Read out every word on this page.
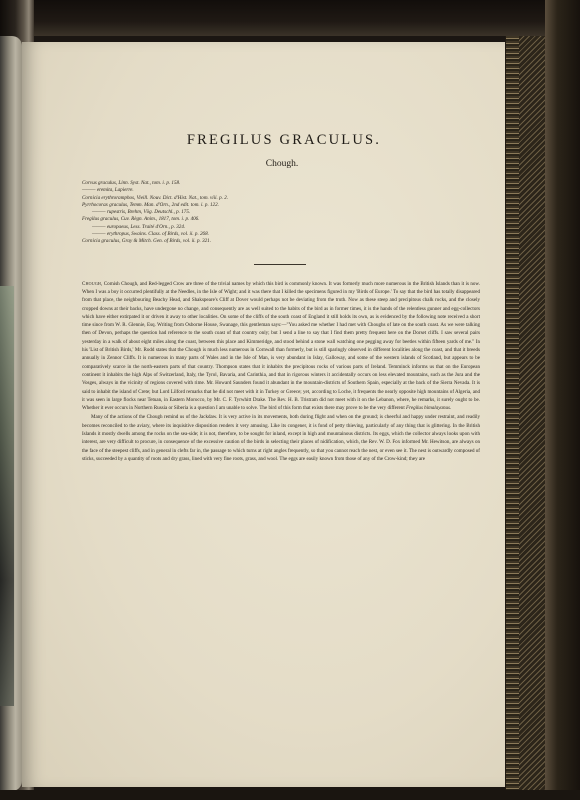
FREGILUS GRACULUS.
Chough.
Corvus graculus, Linn. Syst. Nat., tom. i. p. 158.
——— eremita, Lapierre.
Cornicia erythroramphos, Vieill. Nouv. Dict. d'Hist. Nat., tom. viii. p. 2.
Pyrrhocorax graculus, Temm. Man. d'Orn., 2nd edit. tom. i. p. 122.
——— rupestris, Brehm, Vög. Deutschl., p. 175.
Fregilus graculus, Cuv. Règn. Anim., 1817, tom. i. p. 406.
——— europaeus, Less. Traité d'Orn., p. 324.
——— erythropus, Swains. Class. of Birds, vol. ii. p. 268.
Cornicia graculus, Gray & Mitch. Gen. of Birds, vol. ii. p. 321.

Chough, Cornish Chough, and Red-legged Crow are three of the trivial names by which this bird is commonly known. It was formerly much more numerous in the British Islands than it is now. When I was a boy it occurred plentifully at the Needles, in the Isle of Wight; and it was there that I killed the specimens figured in my 'Birds of Europe.' To say that the bird has totally disappeared from that place, the neighbouring Beachy Head, and Shakspeare's Cliff at Dover would perhaps not be deviating from the truth. Now as these steep and precipitous chalk rocks, and the closely cropped downs at their backs, have undergone no change, and consequently are as well suited to the habits of the bird as in former times, it is the hands of the relentless gunner and egg-collectors which have either extirpated it or driven it away to other localities. On some of the cliffs of the south coast of England it still holds its own, as is evidenced by the following note received a short time since from W. R. Glennie, Esq. Writing from Osborne House, Swanage, this gentleman says:—"You asked me whether I had met with Choughs of late on the south coast. As we were talking then of Devon, perhaps the question had reference to the south coast of that country only; but I send a line to say that I find them pretty frequent here on the Dorset cliffs. I saw several pairs yesterday in a walk of about eight miles along the coast, between this place and Kimmeridge, and stood behind a stone wall watching one pegging away for beetles within fifteen yards of me." In his 'List of British Birds,' Mr. Rodd states that the Chough is much less numerous in Cornwall than formerly, but is still sparingly observed in different localities along the coast, and that it breeds annually in Zennor Cliffs. It is numerous in many parts of Wales and in the Isle of Man, is very abundant in Islay, Galloway, and some of the western islands of Scotland, but appears to be comparatively scarce in the north-eastern parts of that country. Thompson states that it inhabits the precipitous rocks of various parts of Ireland. Temminck informs us that on the European continent it inhabits the high Alps of Switzerland, Italy, the Tyrol, Bavaria, and Carinthia, and that in rigorous winters it accidentally occurs on less elevated mountains, such as the Jura and the Vosges, always in the vicinity of regions covered with rime. Mr. Howard Saunders found it abundant in the mountain-districts of Southern Spain, especially at the back of the Sierra Nevada. It is said to inhabit the island of Crete; but Lord Lilford remarks that he did not meet with it in Turkey or Greece; yet, according to Loche, it frequents the nearly opposite high mountains of Algeria, and it was seen in large flocks near Tetuan, in Eastern Morocco, by Mr. C. F. Tyrwhitt Drake. The Rev. H. B. Tristram did not meet with it on the Lebanon, where, he remarks, it surely ought to be. Whether it ever occurs in Northern Russia or Siberia is a question I am unable to solve. The bird of this form that exists there may prove to be the very different Fregilus himalayanus.

Many of the actions of the Chough remind us of the Jackdaw. It is very active in its movements, both during flight and when on the ground; is cheerful and happy under restraint, and readily becomes reconciled to the aviary, where its inquisitive disposition renders it very amusing. Like its congener, it is fond of petty thieving, particularly of any thing that is glittering. In the British Islands it mostly dwells among the rocks on the sea-side; it is not, therefore, to be sought for inland, except in high and mountainous districts. Its eggs, which the collector always looks upon with interest, are very difficult to procure, in consequence of the excessive caution of the birds in selecting their places of nidification, which, the Rev. W. D. Fox informed Mr. Hewitson, are always on the face of the steepest cliffs, and in general in clefts far in, the passage to which turns at right angles frequently, so that you cannot reach the nest, or even see it. The nest is outwardly composed of sticks, succeeded by a quantity of roots and dry grass, lined with very fine roots, grass, and wool. The eggs are easily known from those of any of the Crow-kind; they are
